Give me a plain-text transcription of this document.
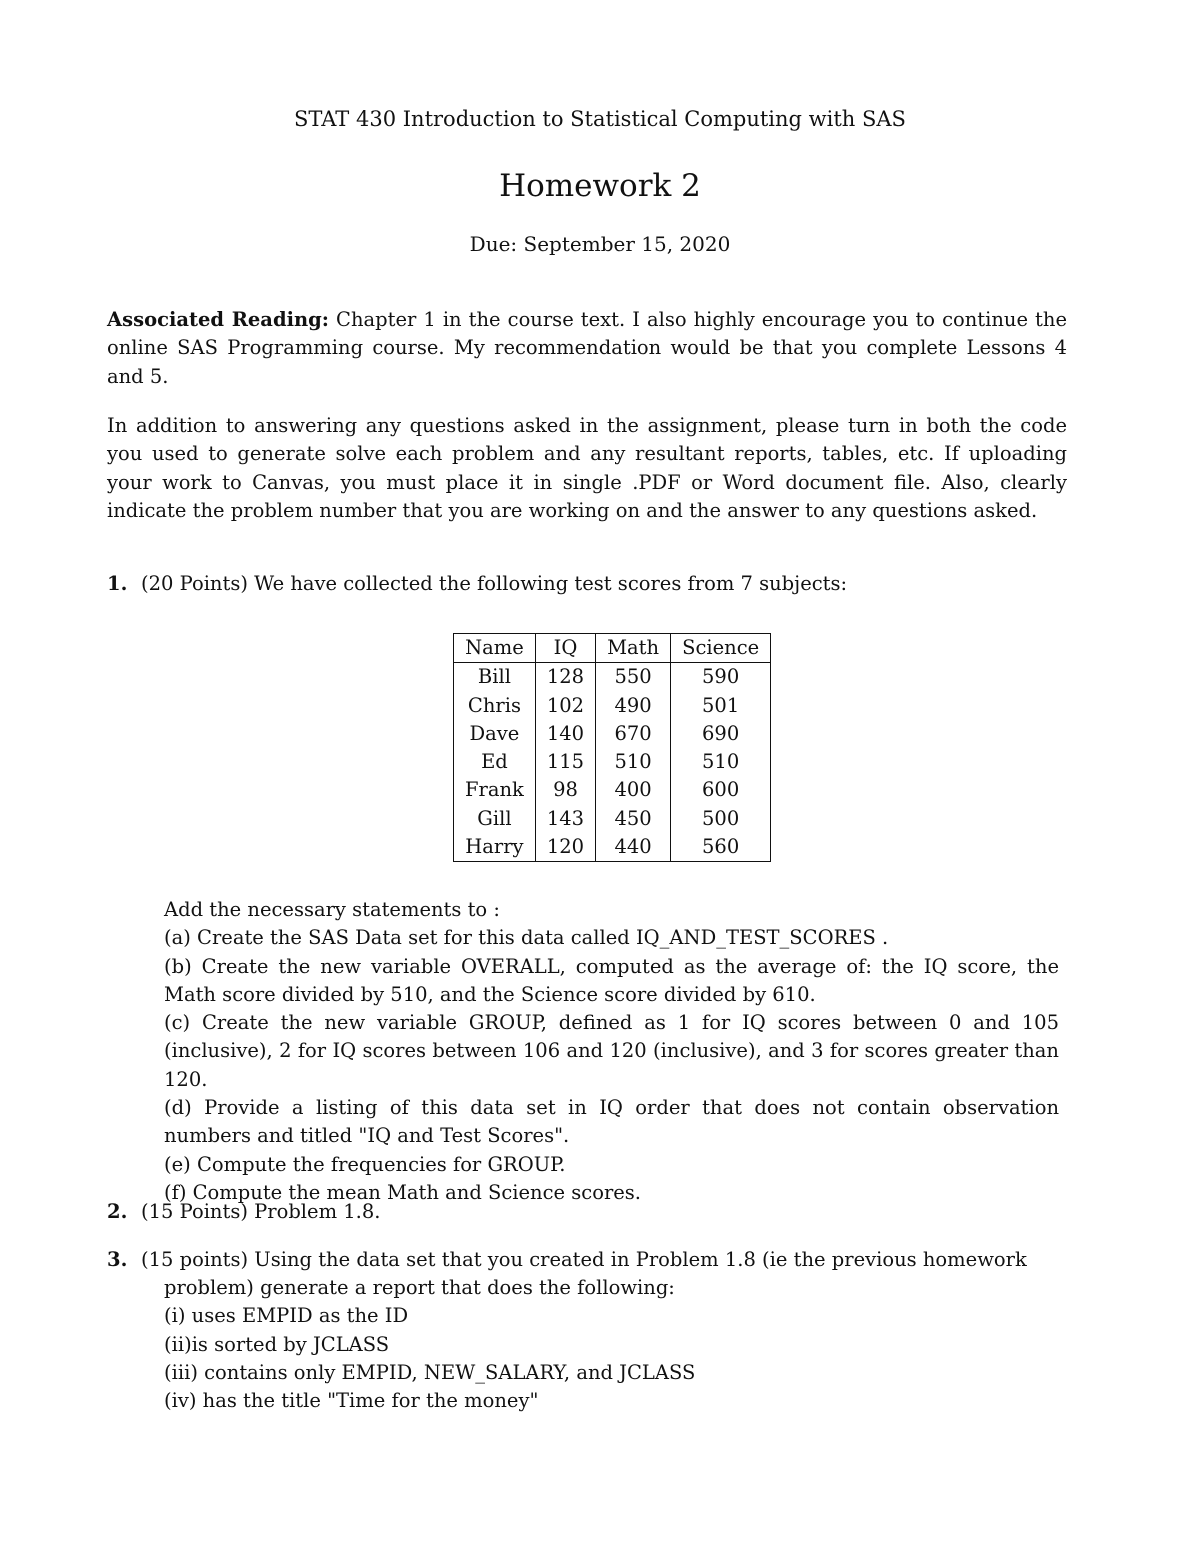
STAT 430 Introduction to Statistical Computing with SAS
Homework 2
Due: September 15, 2020
Associated Reading: Chapter 1 in the course text. I also highly encourage you to continue the online SAS Programming course. My recommendation would be that you complete Lessons 4 and 5.
In addition to answering any questions asked in the assignment, please turn in both the code you used to generate solve each problem and any resultant reports, tables, etc. If uploading your work to Canvas, you must place it in single .PDF or Word document file. Also, clearly indicate the problem number that you are working on and the answer to any questions asked.
1. (20 Points) We have collected the following test scores from 7 subjects:
Name	IQ	Math	Science
Bill	128	550	590
Chris	102	490	501
Dave	140	670	690
Ed	115	510	510
Frank	98	400	600
Gill	143	450	500
Harry	120	440	560
Add the necessary statements to :
(a) Create the SAS Data set for this data called IQ_AND_TEST_SCORES .
(b) Create the new variable OVERALL, computed as the average of: the IQ score, the Math score divided by 510, and the Science score divided by 610.
(c) Create the new variable GROUP, defined as 1 for IQ scores between 0 and 105 (inclusive), 2 for IQ scores between 106 and 120 (inclusive), and 3 for scores greater than 120.
(d) Provide a listing of this data set in IQ order that does not contain observation numbers and titled "IQ and Test Scores".
(e) Compute the frequencies for GROUP.
(f) Compute the mean Math and Science scores.
2. (15 Points) Problem 1.8.
3. (15 points) Using the data set that you created in Problem 1.8 (ie the previous homework
problem) generate a report that does the following:
(i) uses EMPID as the ID
(ii)is sorted by JCLASS
(iii) contains only EMPID, NEW_SALARY, and JCLASS
(iv) has the title "Time for the money"
